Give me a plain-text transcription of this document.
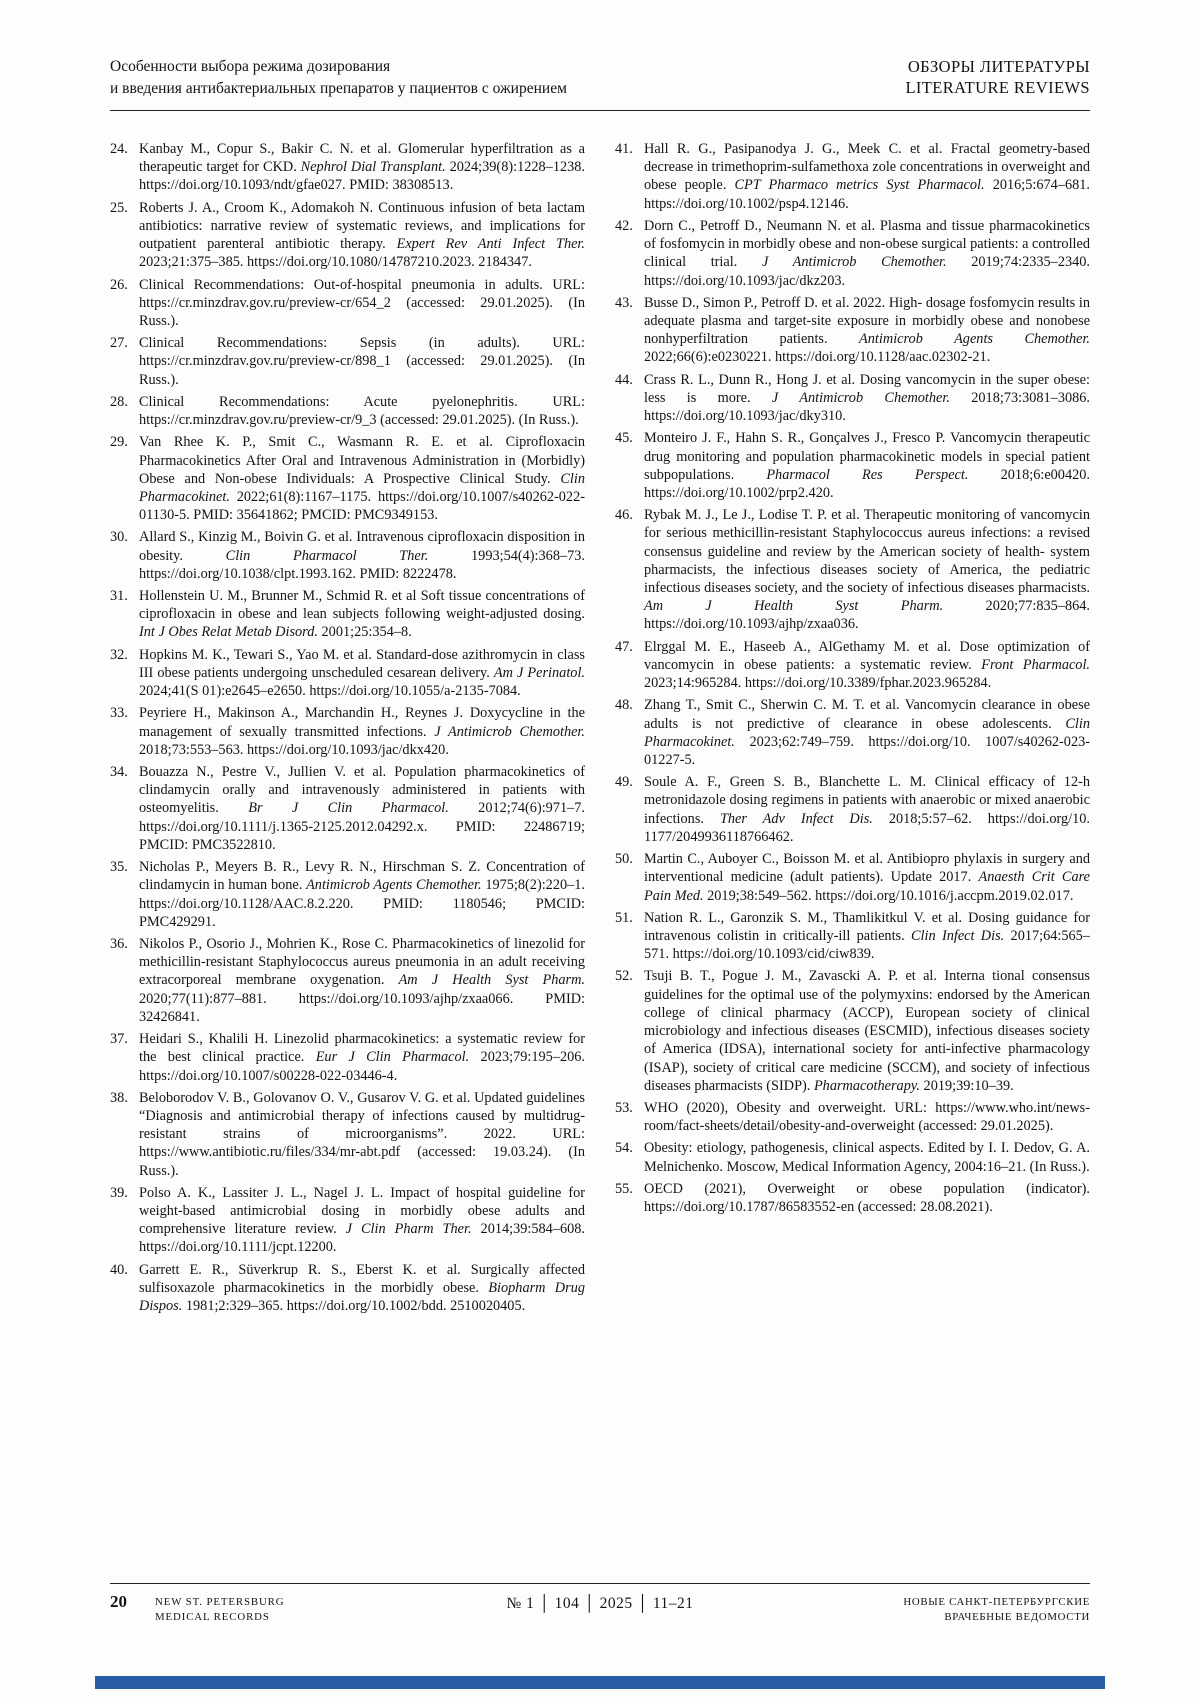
Особенности выбора режима дозирования
и введения антибактериальных препаратов у пациентов с ожирением
ОБЗОРЫ ЛИТЕРАТУРЫ
LITERATURE REVIEWS
24. Kanbay M., Copur S., Bakir C. N. et al. Glomerular hyperfiltration as a therapeutic target for CKD. Nephrol Dial Transplant. 2024;39(8):1228–1238. https://doi.org/10.1093/ndt/gfae027. PMID: 38308513.
25. Roberts J. A., Croom K., Adomakoh N. Continuous infusion of beta lactam antibiotics: narrative review of systematic reviews, and implications for outpatient parenteral antibiotic therapy. Expert Rev Anti Infect Ther. 2023;21:375–385. https://doi.org/10.1080/14787210.2023. 2184347.
26. Clinical Recommendations: Out-of-hospital pneumonia in adults. URL: https://cr.minzdrav.gov.ru/preview-cr/654_2 (accessed: 29.01.2025). (In Russ.).
27. Clinical Recommendations: Sepsis (in adults). URL: https://cr.minzdrav.gov.ru/preview-cr/898_1 (accessed: 29.01.2025). (In Russ.).
28. Clinical Recommendations: Acute pyelonephritis. URL: https://cr.minzdrav.gov.ru/preview-cr/9_3 (accessed: 29.01.2025). (In Russ.).
29. Van Rhee K. P., Smit C., Wasmann R. E. et al. Ciprofloxacin Pharmacokinetics After Oral and Intravenous Administration in (Morbidly) Obese and Non-obese Individuals: A Prospective Clinical Study. Clin Pharmacokinet. 2022;61(8):1167–1175. https://doi.org/10.1007/s40262-022-01130-5. PMID: 35641862; PMCID: PMC9349153.
30. Allard S., Kinzig M., Boivin G. et al. Intravenous ciprofloxacin disposition in obesity. Clin Pharmacol Ther. 1993;54(4):368–73. https://doi.org/10.1038/clpt.1993.162. PMID: 8222478.
31. Hollenstein U. M., Brunner M., Schmid R. et al Soft tissue concentrations of ciprofloxacin in obese and lean subjects following weight-adjusted dosing. Int J Obes Relat Metab Disord. 2001;25:354–8.
32. Hopkins M. K., Tewari S., Yao M. et al. Standard-dose azithromycin in class III obese patients undergoing unscheduled cesarean delivery. Am J Perinatol. 2024;41(S 01):e2645–e2650. https://doi.org/10.1055/a-2135-7084.
33. Peyriere H., Makinson A., Marchandin H., Reynes J. Doxycycline in the management of sexually transmitted infections. J Antimicrob Chemother. 2018;73:553–563. https://doi.org/10.1093/jac/dkx420.
34. Bouazza N., Pestre V., Jullien V. et al. Population pharmacokinetics of clindamycin orally and intravenously administered in patients with osteomyelitis. Br J Clin Pharmacol. 2012;74(6):971–7. https://doi.org/10.1111/j.1365-2125.2012.04292.x. PMID: 22486719; PMCID: PMC3522810.
35. Nicholas P., Meyers B. R., Levy R. N., Hirschman S. Z. Concentration of clindamycin in human bone. Antimicrob Agents Chemother. 1975;8(2):220–1. https://doi.org/10.1128/AAC.8.2.220. PMID: 1180546; PMCID: PMC429291.
36. Nikolos P., Osorio J., Mohrien K., Rose C. Pharmacokinetics of linezolid for methicillin-resistant Staphylococcus aureus pneumonia in an adult receiving extracorporeal membrane oxygenation. Am J Health Syst Pharm. 2020;77(11):877–881. https://doi.org/10.1093/ajhp/zxaa066. PMID: 32426841.
37. Heidari S., Khalili H. Linezolid pharmacokinetics: a systematic review for the best clinical practice. Eur J Clin Pharmacol. 2023;79:195–206. https://doi.org/10.1007/s00228-022-03446-4.
38. Beloborodov V. B., Golovanov O. V., Gusarov V. G. et al. Updated guidelines “Diagnosis and antimicrobial therapy of infections caused by multidrug-resistant strains of microorganisms”. 2022. URL: https://www.antibiotic.ru/files/334/mr-abt.pdf (accessed: 19.03.24). (In Russ.).
39. Polso A. K., Lassiter J. L., Nagel J. L. Impact of hospital guideline for weight-based antimicrobial dosing in morbidly obese adults and comprehensive literature review. J Clin Pharm Ther. 2014;39:584–608. https://doi.org/10.1111/jcpt.12200.
40. Garrett E. R., Süverkrup R. S., Eberst K. et al. Surgically affected sulfisoxazole pharmacokinetics in the morbidly obese. Biopharm Drug Dispos. 1981;2:329–365. https://doi.org/10.1002/bdd. 2510020405.
41. Hall R. G., Pasipanodya J. G., Meek C. et al. Fractal geometry-based decrease in trimethoprim-sulfamethoxa zole concentrations in overweight and obese people. CPT Pharmaco metrics Syst Pharmacol. 2016;5:674–681. https://doi.org/10.1002/psp4.12146.
42. Dorn C., Petroff D., Neumann N. et al. Plasma and tissue pharmacokinetics of fosfomycin in morbidly obese and non-obese surgical patients: a controlled clinical trial. J Antimicrob Chemother. 2019;74:2335–2340. https://doi.org/10.1093/jac/dkz203.
43. Busse D., Simon P., Petroff D. et al. 2022. High- dosage fosfomycin results in adequate plasma and target-site exposure in morbidly obese and nonobese nonhyperfiltration patients. Antimicrob Agents Chemother. 2022;66(6):e0230221. https://doi.org/10.1128/aac.02302-21.
44. Crass R. L., Dunn R., Hong J. et al. Dosing vancomycin in the super obese: less is more. J Antimicrob Chemother. 2018;73:3081–3086. https://doi.org/10.1093/jac/dky310.
45. Monteiro J. F., Hahn S. R., Gonçalves J., Fresco P. Vancomycin therapeutic drug monitoring and population pharmacokinetic models in special patient subpopulations. Pharmacol Res Perspect. 2018;6:e00420. https://doi.org/10.1002/prp2.420.
46. Rybak M. J., Le J., Lodise T. P. et al. Therapeutic monitoring of vancomycin for serious methicillin-resistant Staphylococcus aureus infections: a revised consensus guideline and review by the American society of health- system pharmacists, the infectious diseases society of America, the pediatric infectious diseases society, and the society of infectious diseases pharmacists. Am J Health Syst Pharm. 2020;77:835–864. https://doi.org/10.1093/ajhp/zxaa036.
47. Elrggal M. E., Haseeb A., AlGethamy M. et al. Dose optimization of vancomycin in obese patients: a systematic review. Front Pharmacol. 2023;14:965284. https://doi.org/10.3389/fphar.2023.965284.
48. Zhang T., Smit C., Sherwin C. M. T. et al. Vancomycin clearance in obese adults is not predictive of clearance in obese adolescents. Clin Pharmacokinet. 2023;62:749–759. https://doi.org/10. 1007/s40262-023-01227-5.
49. Soule A. F., Green S. B., Blanchette L. M. Clinical efficacy of 12-h metronidazole dosing regimens in patients with anaerobic or mixed anaerobic infections. Ther Adv Infect Dis. 2018;5:57–62. https://doi.org/10. 1177/2049936118766462.
50. Martin C., Auboyer C., Boisson M. et al. Antibiopro phylaxis in surgery and interventional medicine (adult patients). Update 2017. Anaesth Crit Care Pain Med. 2019;38:549–562. https://doi.org/10.1016/j.accpm.2019.02.017.
51. Nation R. L., Garonzik S. M., Thamlikitkul V. et al. Dosing guidance for intravenous colistin in critically-ill patients. Clin Infect Dis. 2017;64:565–571. https://doi.org/10.1093/cid/ciw839.
52. Tsuji B. T., Pogue J. M., Zavascki A. P. et al. Interna tional consensus guidelines for the optimal use of the polymyxins: endorsed by the American college of clinical pharmacy (ACCP), European society of clinical microbiology and infectious diseases (ESCMID), infectious diseases society of America (IDSA), international society for anti-infective pharmacology (ISAP), society of critical care medicine (SCCM), and society of infectious diseases pharmacists (SIDP). Pharmacotherapy. 2019;39:10–39.
53. WHO (2020), Obesity and overweight. URL: https://www.who.int/news-room/fact-sheets/detail/obesity-and-overweight (accessed: 29.01.2025).
54. Obesity: etiology, pathogenesis, clinical aspects. Edited by I. I. Dedov, G. A. Melnichenko. Moscow, Medical Information Agency, 2004:16–21. (In Russ.).
55. OECD (2021), Overweight or obese population (indicator). https://doi.org/10.1787/86583552-en (accessed: 28.08.2021).
20	NEW ST. PETERSBURG
MEDICAL RECORDS
№ 1 │ 104 │ 2025 │ 11–21	НОВЫЕ САНКТ-ПЕТЕРБУРГСКИЕ
ВРАЧЕБНЫЕ ВЕДОМОСТИ
